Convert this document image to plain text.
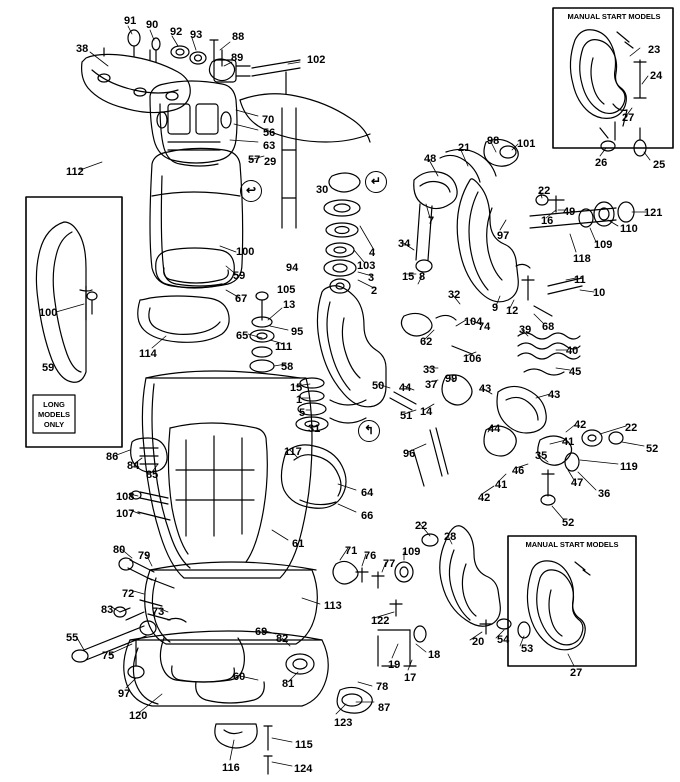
MANUAL START MODELS
MANUAL START MODELS
LONG
MODELS
ONLY
91 90
92 93	88
89
38
102
70
56
63
57 29
112
30
100
94
59
67
105
13
95
111
58
65
114
100
59
15
1
5
31
117
86
84
85
108
107
64
66
61
80 79
72
73
83	113
71 76
77
109
122
55
75
97
69
82
60
81	78
87
123
120
116
115
124
19
18
17
20 54
53
28
22
27
23
24
27
26	25
48
21
98 101
22
16
49
110
121
109
118
97
7
34
4
103
3
2
15 8
32
9 12
11
10
68
74
104
62
106
39
40
45
33
37 99
43	43
50 44
14
51
44	42	22
41
52
35
46	119
36
47
41
42
52
96
↩
↵
↰
